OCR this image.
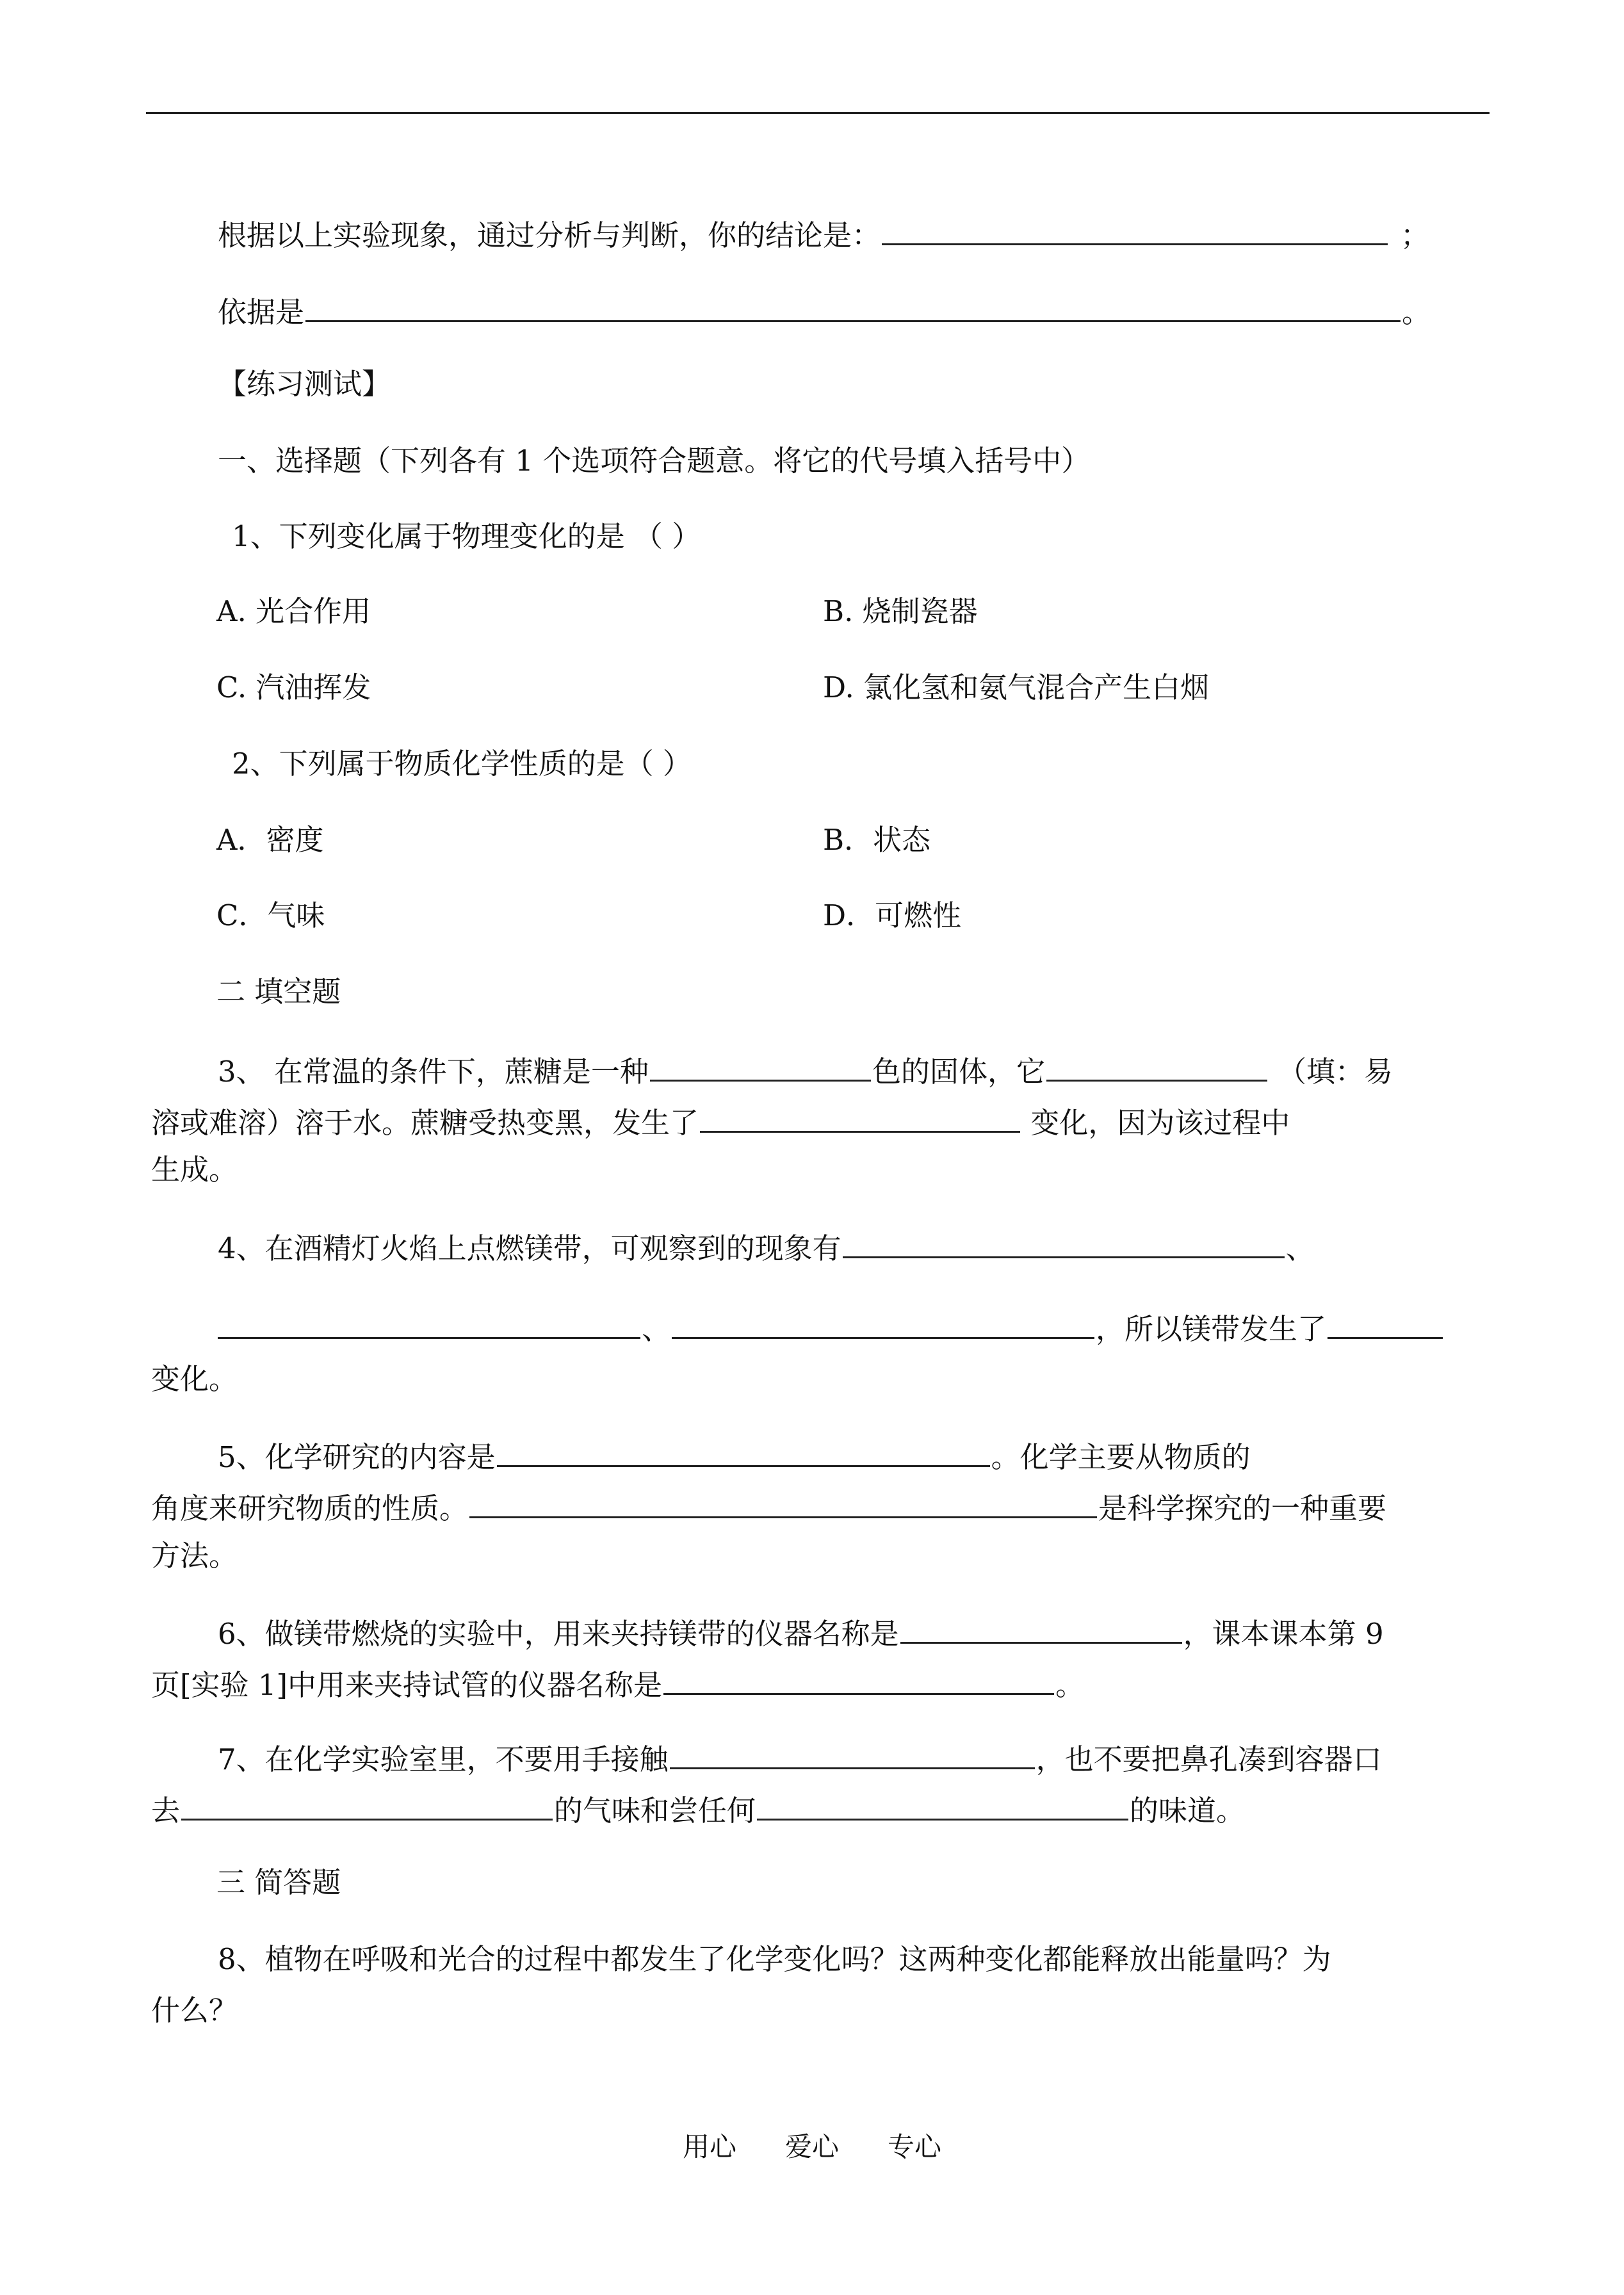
根据以上实验现象，通过分析与判断，你的结论是：	；
依据是	。
【练习测试】
一、选择题（下列各有 1 个选项符合题意。将它的代号填入括号中）
1、下列变化属于物理变化的是 （ ）
A. 光合作用	B. 烧制瓷器
C. 汽油挥发	D. 氯化氢和氨气混合产生白烟
2、下列属于物质化学性质的是（ ）
A．密度	B．状态
C．气味	D．可燃性
二 填空题
3、 在常温的条件下，蔗糖是一种	色的固体，它	（填：易
溶或难溶）溶于水。蔗糖受热变黑，发生了	变化，因为该过程中
生成。
4、在酒精灯火焰上点燃镁带，可观察到的现象有	、
、	，所以镁带发生了
变化。
5、化学研究的内容是	。化学主要从物质的
角度来研究物质的性质。	是科学探究的一种重要
方法。
6、做镁带燃烧的实验中，用来夹持镁带的仪器名称是	，课本课本第 9
页[实验 1]中用来夹持试管的仪器名称是	。
7、在化学实验室里，不要用手接触	，也不要把鼻孔凑到容器口
去	的气味和尝任何	的味道。
三 简答题
8、植物在呼吸和光合的过程中都发生了化学变化吗？这两种变化都能释放出能量吗？为
什么？
用心 爱心 专心
